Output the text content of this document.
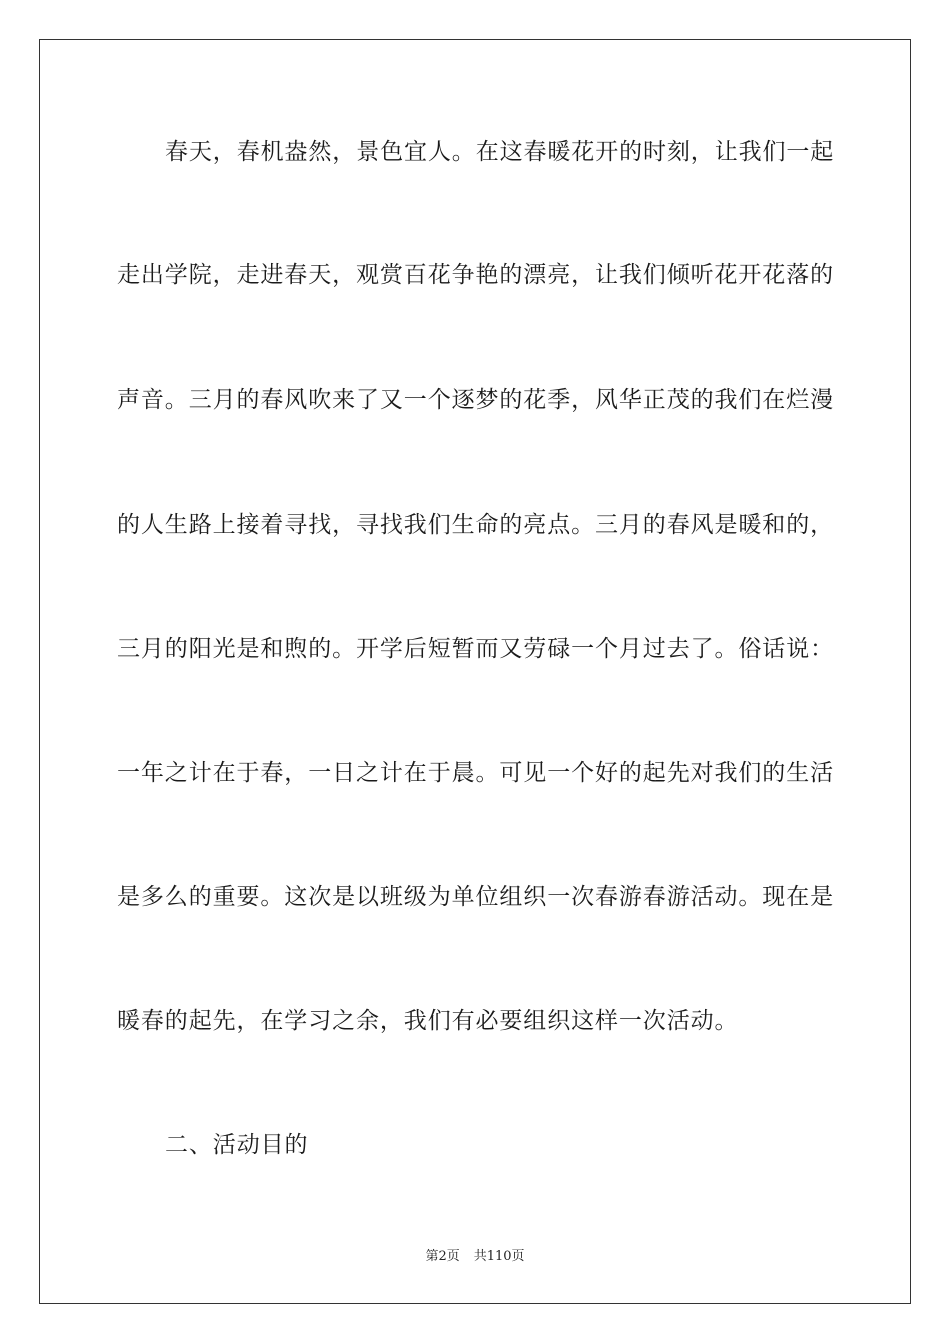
春天，春机盎然，景色宜人。在这春暖花开的时刻，让我们一起
走出学院，走进春天，观赏百花争艳的漂亮，让我们倾听花开花落的
声音。三月的春风吹来了又一个逐梦的花季，风华正茂的我们在烂漫
的人生路上接着寻找，寻找我们生命的亮点。三月的春风是暖和的，
三月的阳光是和煦的。开学后短暂而又劳碌一个月过去了。俗话说：
一年之计在于春，一日之计在于晨。可见一个好的起先对我们的生活
是多么的重要。这次是以班级为单位组织一次春游春游活动。现在是
暖春的起先，在学习之余，我们有必要组织这样一次活动。
二、活动目的
第2页 共110页
